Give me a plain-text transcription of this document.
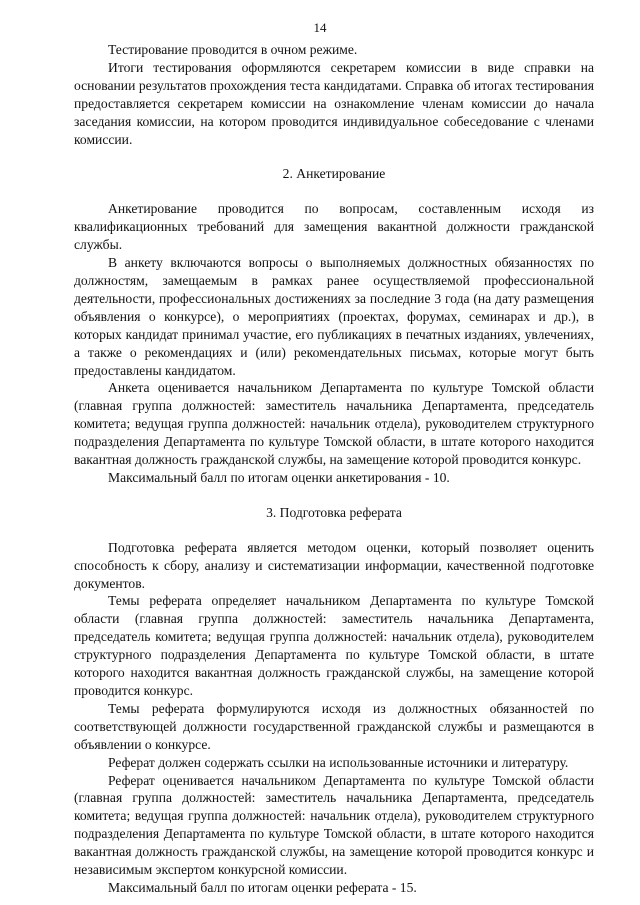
14

Тестирование проводится в очном режиме.

Итоги тестирования оформляются секретарем комиссии в виде справки на основании результатов прохождения теста кандидатами. Справка об итогах тестирования предоставляется секретарем комиссии на ознакомление членам комиссии до начала заседания комиссии, на котором проводится индивидуальное собеседование с членами комиссии.

2. Анкетирование

Анкетирование проводится по вопросам, составленным исходя из квалификационных требований для замещения вакантной должности гражданской службы.

В анкету включаются вопросы о выполняемых должностных обязанностях по должностям, замещаемым в рамках ранее осуществляемой профессиональной деятельности, профессиональных достижениях за последние 3 года (на дату размещения объявления о конкурсе), о мероприятиях (проектах, форумах, семинарах и др.), в которых кандидат принимал участие, его публикациях в печатных изданиях, увлечениях, а также о рекомендациях и (или) рекомендательных письмах, которые могут быть предоставлены кандидатом.

Анкета оценивается начальником Департамента по культуре Томской области (главная группа должностей: заместитель начальника Департамента, председатель комитета; ведущая группа должностей: начальник отдела), руководителем структурного подразделения Департамента по культуре Томской области, в штате которого находится вакантная должность гражданской службы, на замещение которой проводится конкурс.

Максимальный балл по итогам оценки анкетирования - 10.

3. Подготовка реферата

Подготовка реферата является методом оценки, который позволяет оценить способность к сбору, анализу и систематизации информации, качественной подготовке документов.

Темы реферата определяет начальником Департамента по культуре Томской области (главная группа должностей: заместитель начальника Департамента, председатель комитета; ведущая группа должностей: начальник отдела), руководителем структурного подразделения Департамента по культуре Томской области, в штате которого находится вакантная должность гражданской службы, на замещение которой проводится конкурс.

Темы реферата формулируются исходя из должностных обязанностей по соответствующей должности государственной гражданской службы и размещаются в объявлении о конкурсе.

Реферат должен содержать ссылки на использованные источники и литературу.

Реферат оценивается начальником Департамента по культуре Томской области (главная группа должностей: заместитель начальника Департамента, председатель комитета; ведущая группа должностей: начальник отдела), руководителем структурного подразделения Департамента по культуре Томской области, в штате которого находится вакантная должность гражданской службы, на замещение которой проводится конкурс и независимым экспертом конкурсной комиссии.

Максимальный балл по итогам оценки реферата - 15.
